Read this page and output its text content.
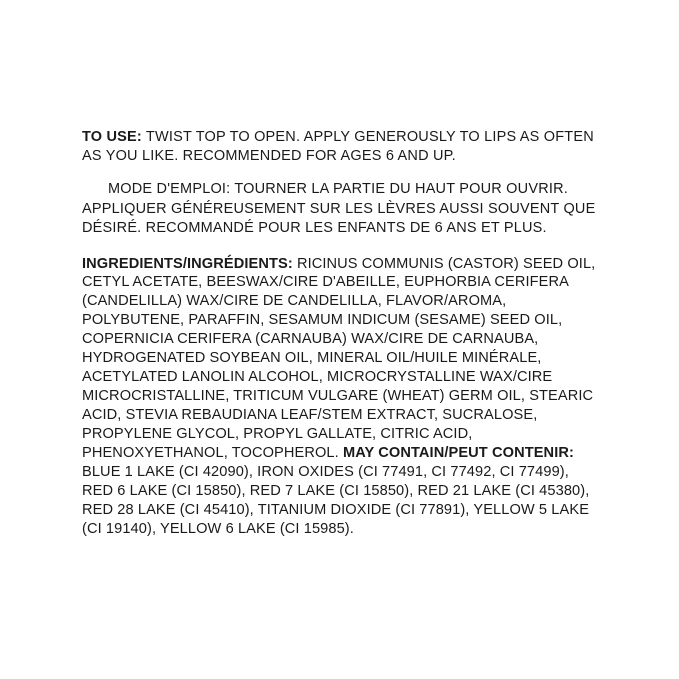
TO USE: TWIST TOP TO OPEN. APPLY GENEROUSLY TO LIPS AS OFTEN AS YOU LIKE. RECOMMENDED FOR AGES 6 AND UP.

MODE D'EMPLOI: TOURNER LA PARTIE DU HAUT POUR OUVRIR. APPLIQUER GÉNÉREUSEMENT SUR LES LÈVRES AUSSI SOUVENT QUE DÉSIRÉ. RECOMMANDÉ POUR LES ENFANTS DE 6 ANS ET PLUS.

INGREDIENTS/INGRÉDIENTS: RICINUS COMMUNIS (CASTOR) SEED OIL, CETYL ACETATE, BEESWAX/CIRE D'ABEILLE, EUPHORBIA CERIFERA (CANDELILLA) WAX/CIRE DE CANDELILLA, FLAVOR/AROMA, POLYBUTENE, PARAFFIN, SESAMUM INDICUM (SESAME) SEED OIL, COPERNICIA CERIFERA (CARNAUBA) WAX/CIRE DE CARNAUBA, HYDROGENATED SOYBEAN OIL, MINERAL OIL/HUILE MINÉRALE, ACETYLATED LANOLIN ALCOHOL, MICROCRYSTALLINE WAX/CIRE MICROCRISTALLINE, TRITICUM VULGARE (WHEAT) GERM OIL, STEARIC ACID, STEVIA REBAUDIANA LEAF/STEM EXTRACT, SUCRALOSE, PROPYLENE GLYCOL, PROPYL GALLATE, CITRIC ACID, PHENOXYETHANOL, TOCOPHEROL. MAY CONTAIN/PEUT CONTENIR: BLUE 1 LAKE (CI 42090), IRON OXIDES (CI 77491, CI 77492, CI 77499), RED 6 LAKE (CI 15850), RED 7 LAKE (CI 15850), RED 21 LAKE (CI 45380), RED 28 LAKE (CI 45410), TITANIUM DIOXIDE (CI 77891), YELLOW 5 LAKE (CI 19140), YELLOW 6 LAKE (CI 15985).
